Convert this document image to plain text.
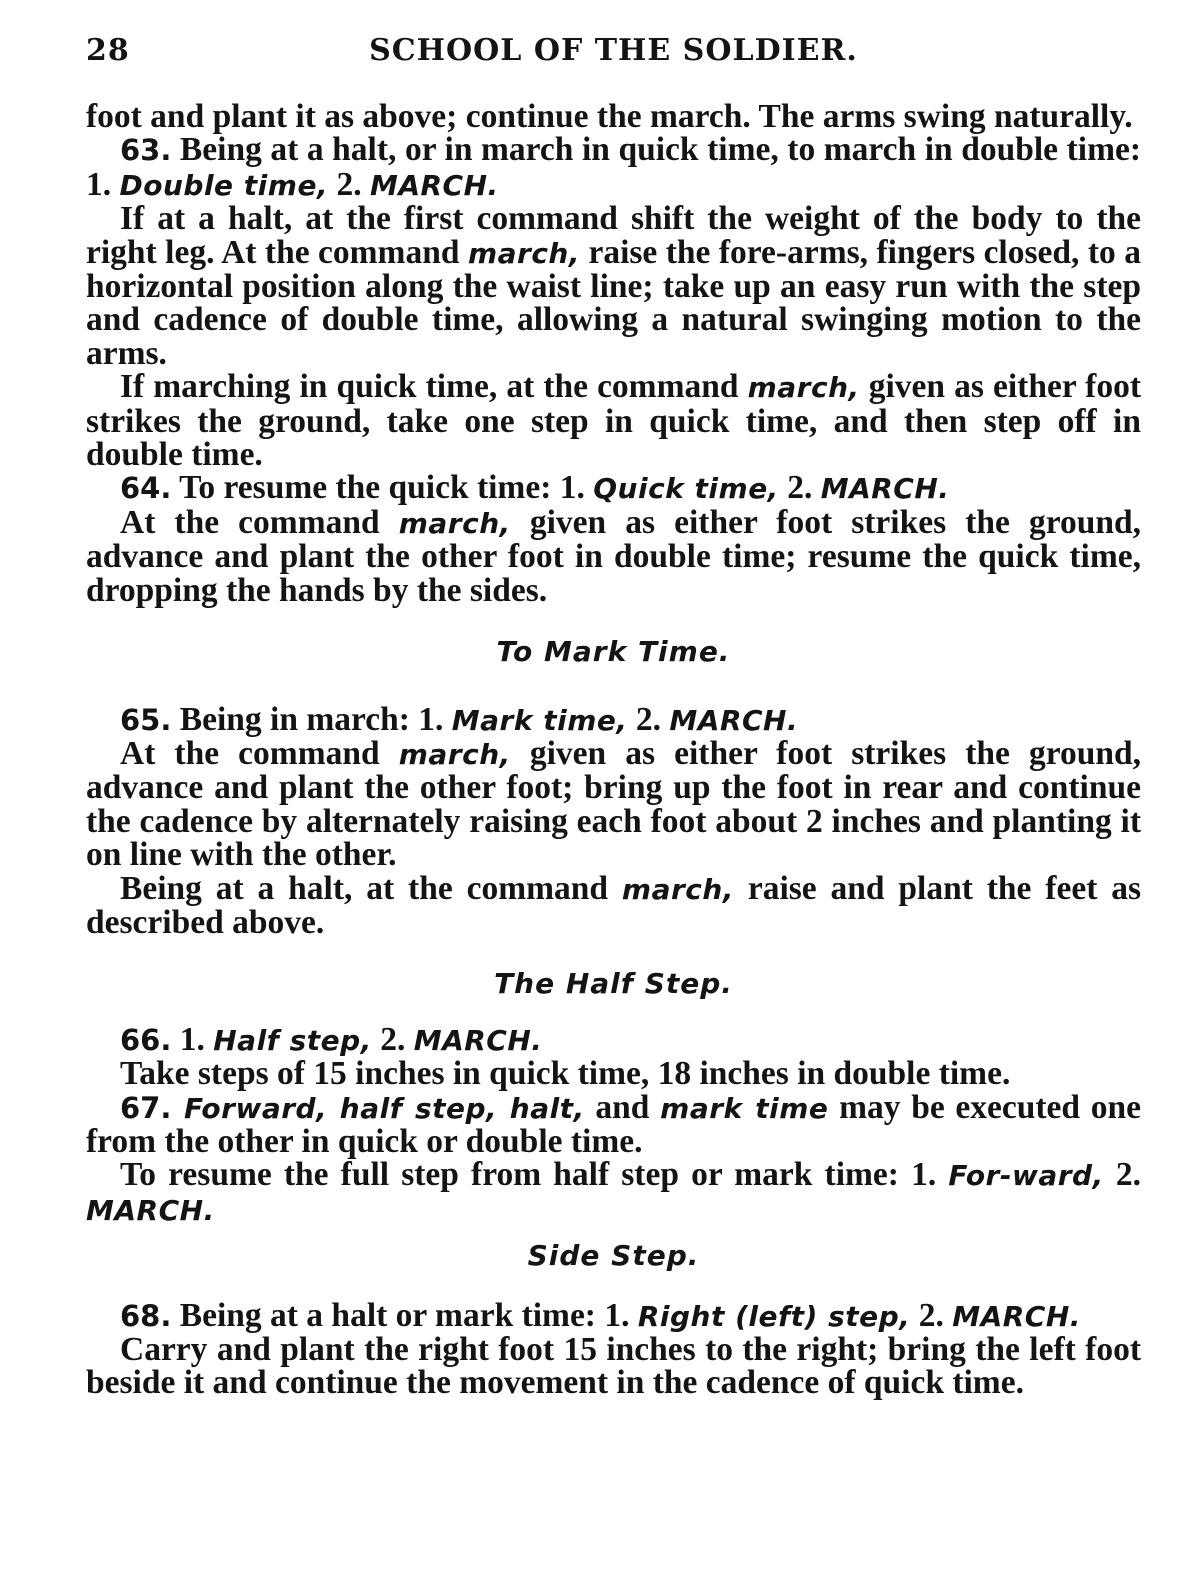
28	SCHOOL OF THE SOLDIER.

foot and plant it as above; continue the march. The arms swing naturally.

63. Being at a halt, or in march in quick time, to march in double time: 1. Double time, 2. MARCH.

If at a halt, at the first command shift the weight of the body to the right leg. At the command march, raise the fore-arms, fingers closed, to a horizontal position along the waist line; take up an easy run with the step and cadence of double time, allowing a natural swinging motion to the arms.

If marching in quick time, at the command march, given as either foot strikes the ground, take one step in quick time, and then step off in double time.

64. To resume the quick time: 1. Quick time, 2. MARCH.

At the command march, given as either foot strikes the ground, advance and plant the other foot in double time; resume the quick time, dropping the hands by the sides.

To Mark Time.

65. Being in march: 1. Mark time, 2. MARCH.

At the command march, given as either foot strikes the ground, advance and plant the other foot; bring up the foot in rear and continue the cadence by alternately raising each foot about 2 inches and planting it on line with the other.

Being at a halt, at the command march, raise and plant the feet as described above.

The Half Step.

66. 1. Half step, 2. MARCH.

Take steps of 15 inches in quick time, 18 inches in double time.

67. Forward, half step, halt, and mark time may be executed one from the other in quick or double time.

To resume the full step from half step or mark time: 1. For-ward, 2. MARCH.

Side Step.

68. Being at a halt or mark time: 1. Right (left) step, 2. MARCH.

Carry and plant the right foot 15 inches to the right; bring the left foot beside it and continue the movement in the cadence of quick time.
